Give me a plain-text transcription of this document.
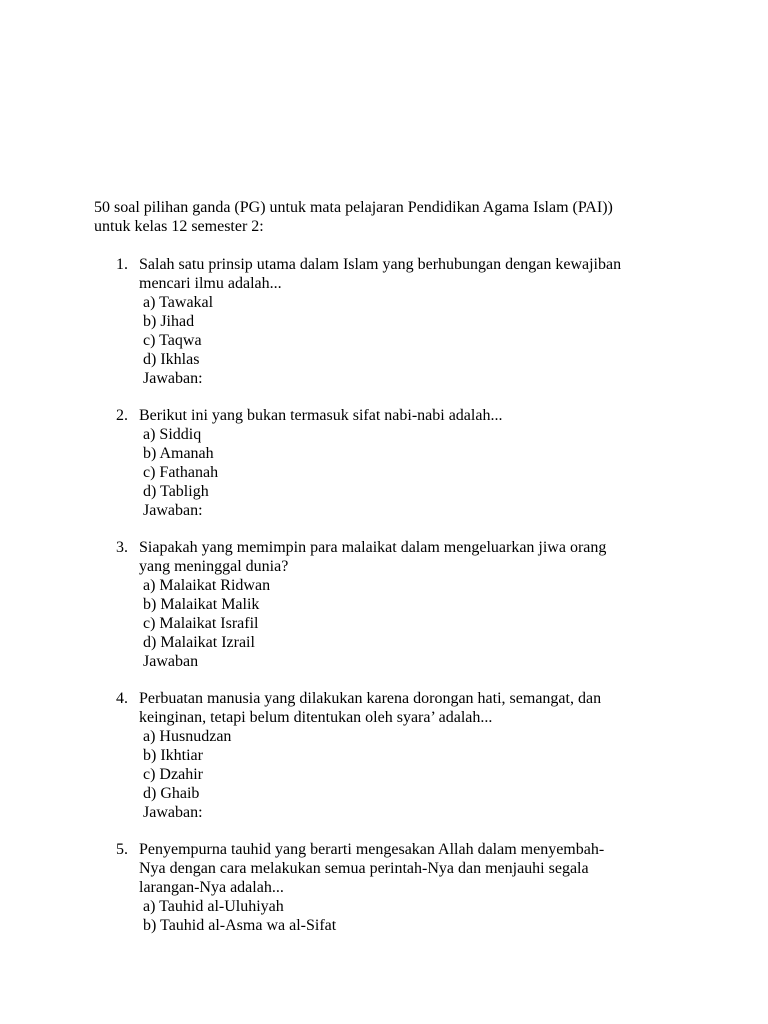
50 soal pilihan ganda (PG) untuk mata pelajaran Pendidikan Agama Islam (PAI))
untuk kelas 12 semester 2:

1. Salah satu prinsip utama dalam Islam yang berhubungan dengan kewajiban
mencari ilmu adalah...
a) Tawakal
b) Jihad
c) Taqwa
d) Ikhlas
Jawaban:
2. Berikut ini yang bukan termasuk sifat nabi-nabi adalah...
a) Siddiq
b) Amanah
c) Fathanah
d) Tabligh
Jawaban:
3. Siapakah yang memimpin para malaikat dalam mengeluarkan jiwa orang
yang meninggal dunia?
a) Malaikat Ridwan
b) Malaikat Malik
c) Malaikat Israfil
d) Malaikat Izrail
Jawaban
4. Perbuatan manusia yang dilakukan karena dorongan hati, semangat, dan
keinginan, tetapi belum ditentukan oleh syara’ adalah...
a) Husnudzan
b) Ikhtiar
c) Dzahir
d) Ghaib
Jawaban:
5. Penyempurna tauhid yang berarti mengesakan Allah dalam menyembah-
Nya dengan cara melakukan semua perintah-Nya dan menjauhi segala
larangan-Nya adalah...
a) Tauhid al-Uluhiyah
b) Tauhid al-Asma wa al-Sifat
